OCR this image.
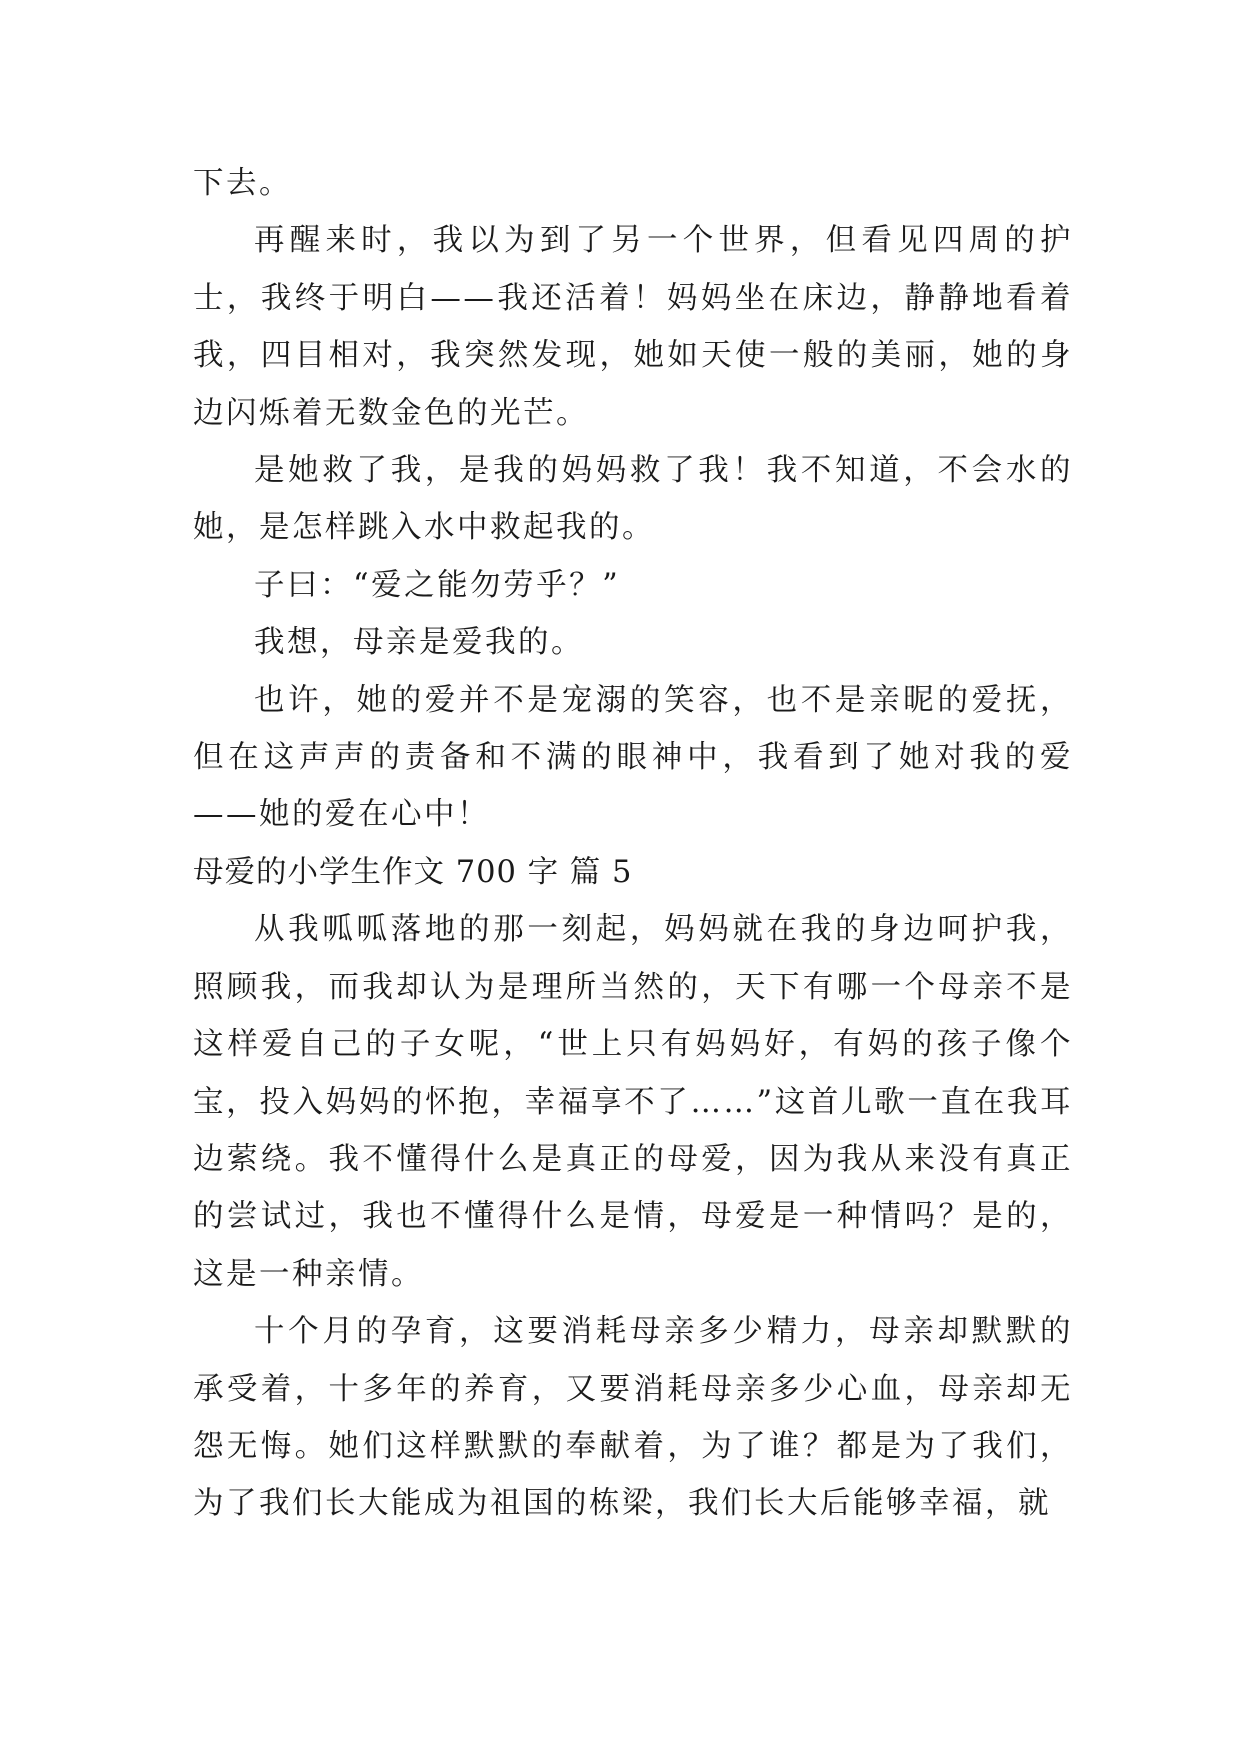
下去。

再醒来时，我以为到了另一个世界，但看见四周的护士，我终于明白——我还活着！妈妈坐在床边，静静地看着我，四目相对，我突然发现，她如天使一般的美丽，她的身边闪烁着无数金色的光芒。

是她救了我，是我的妈妈救了我！我不知道，不会水的她，是怎样跳入水中救起我的。

子曰：“爱之能勿劳乎？”

我想，母亲是爱我的。

也许，她的爱并不是宠溺的笑容，也不是亲昵的爱抚，但在这声声的责备和不满的眼神中，我看到了她对我的爱——她的爱在心中！

母爱的小学生作文 700 字 篇 5

从我呱呱落地的那一刻起，妈妈就在我的身边呵护我，照顾我，而我却认为是理所当然的，天下有哪一个母亲不是这样爱自己的子女呢，“世上只有妈妈好，有妈的孩子像个宝，投入妈妈的怀抱，幸福享不了……”这首儿歌一直在我耳边萦绕。我不懂得什么是真正的母爱，因为我从来没有真正的尝试过，我也不懂得什么是情，母爱是一种情吗？是的，这是一种亲情。

十个月的孕育，这要消耗母亲多少精力，母亲却默默的承受着，十多年的养育，又要消耗母亲多少心血，母亲却无怨无悔。她们这样默默的奉献着，为了谁？都是为了我们，为了我们长大能成为祖国的栋梁，我们长大后能够幸福，就
